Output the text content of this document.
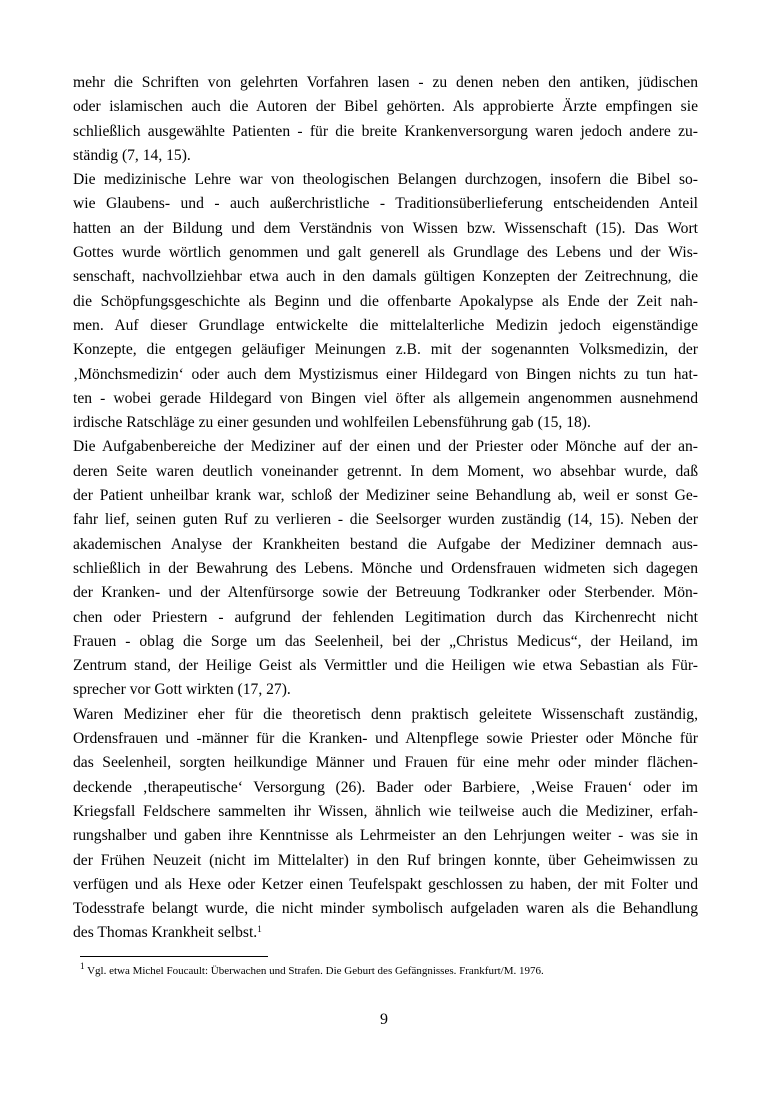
mehr die Schriften von gelehrten Vorfahren lasen - zu denen neben den antiken, jüdischen
oder islamischen auch die Autoren der Bibel gehörten. Als approbierte Ärzte empfingen sie
schließlich ausgewählte Patienten - für die breite Krankenversorgung waren jedoch andere zu-
ständig (7, 14, 15).
Die medizinische Lehre war von theologischen Belangen durchzogen, insofern die Bibel so-
wie Glaubens- und - auch außerchristliche - Traditionsüberlieferung entscheidenden Anteil
hatten an der Bildung und dem Verständnis von Wissen bzw. Wissenschaft (15). Das Wort
Gottes wurde wörtlich genommen und galt generell als Grundlage des Lebens und der Wis-
senschaft, nachvollziehbar etwa auch in den damals gültigen Konzepten der Zeitrechnung, die
die Schöpfungsgeschichte als Beginn und die offenbarte Apokalypse als Ende der Zeit nah-
men. Auf dieser Grundlage entwickelte die mittelalterliche Medizin jedoch eigenständige
Konzepte, die entgegen geläufiger Meinungen z.B. mit der sogenannten Volksmedizin, der
‚Mönchsmedizin‘ oder auch dem Mystizismus einer Hildegard von Bingen nichts zu tun hat-
ten - wobei gerade Hildegard von Bingen viel öfter als allgemein angenommen ausnehmend
irdische Ratschläge zu einer gesunden und wohlfeilen Lebensführung gab (15, 18).
Die Aufgabenbereiche der Mediziner auf der einen und der Priester oder Mönche auf der an-
deren Seite waren deutlich voneinander getrennt. In dem Moment, wo absehbar wurde, daß
der Patient unheilbar krank war, schloß der Mediziner seine Behandlung ab, weil er sonst Ge-
fahr lief, seinen guten Ruf zu verlieren - die Seelsorger wurden zuständig (14, 15). Neben der
akademischen Analyse der Krankheiten bestand die Aufgabe der Mediziner demnach aus-
schließlich in der Bewahrung des Lebens. Mönche und Ordensfrauen widmeten sich dagegen
der Kranken- und der Altenfürsorge sowie der Betreuung Todkranker oder Sterbender. Mön-
chen oder Priestern - aufgrund der fehlenden Legitimation durch das Kirchenrecht nicht
Frauen - oblag die Sorge um das Seelenheil, bei der „Christus Medicus“, der Heiland, im
Zentrum stand, der Heilige Geist als Vermittler und die Heiligen wie etwa Sebastian als Für-
sprecher vor Gott wirkten (17, 27).
Waren Mediziner eher für die theoretisch denn praktisch geleitete Wissenschaft zuständig,
Ordensfrauen und -männer für die Kranken- und Altenpflege sowie Priester oder Mönche für
das Seelenheil, sorgten heilkundige Männer und Frauen für eine mehr oder minder flächen-
deckende ‚therapeutische‘ Versorgung (26). Bader oder Barbiere, ‚Weise Frauen‘ oder im
Kriegsfall Feldschere sammelten ihr Wissen, ähnlich wie teilweise auch die Mediziner, erfah-
rungshalber und gaben ihre Kenntnisse als Lehrmeister an den Lehrjungen weiter - was sie in
der Frühen Neuzeit (nicht im Mittelalter) in den Ruf bringen konnte, über Geheimwissen zu
verfügen und als Hexe oder Ketzer einen Teufelspakt geschlossen zu haben, der mit Folter und
Todesstrafe belangt wurde, die nicht minder symbolisch aufgeladen waren als die Behandlung
des Thomas Krankheit selbst.$^1$
$^1$ Vgl. etwa Michel Foucault: Überwachen und Strafen. Die Geburt des Gefängnisses. Frankfurt/M. 1976.
9
